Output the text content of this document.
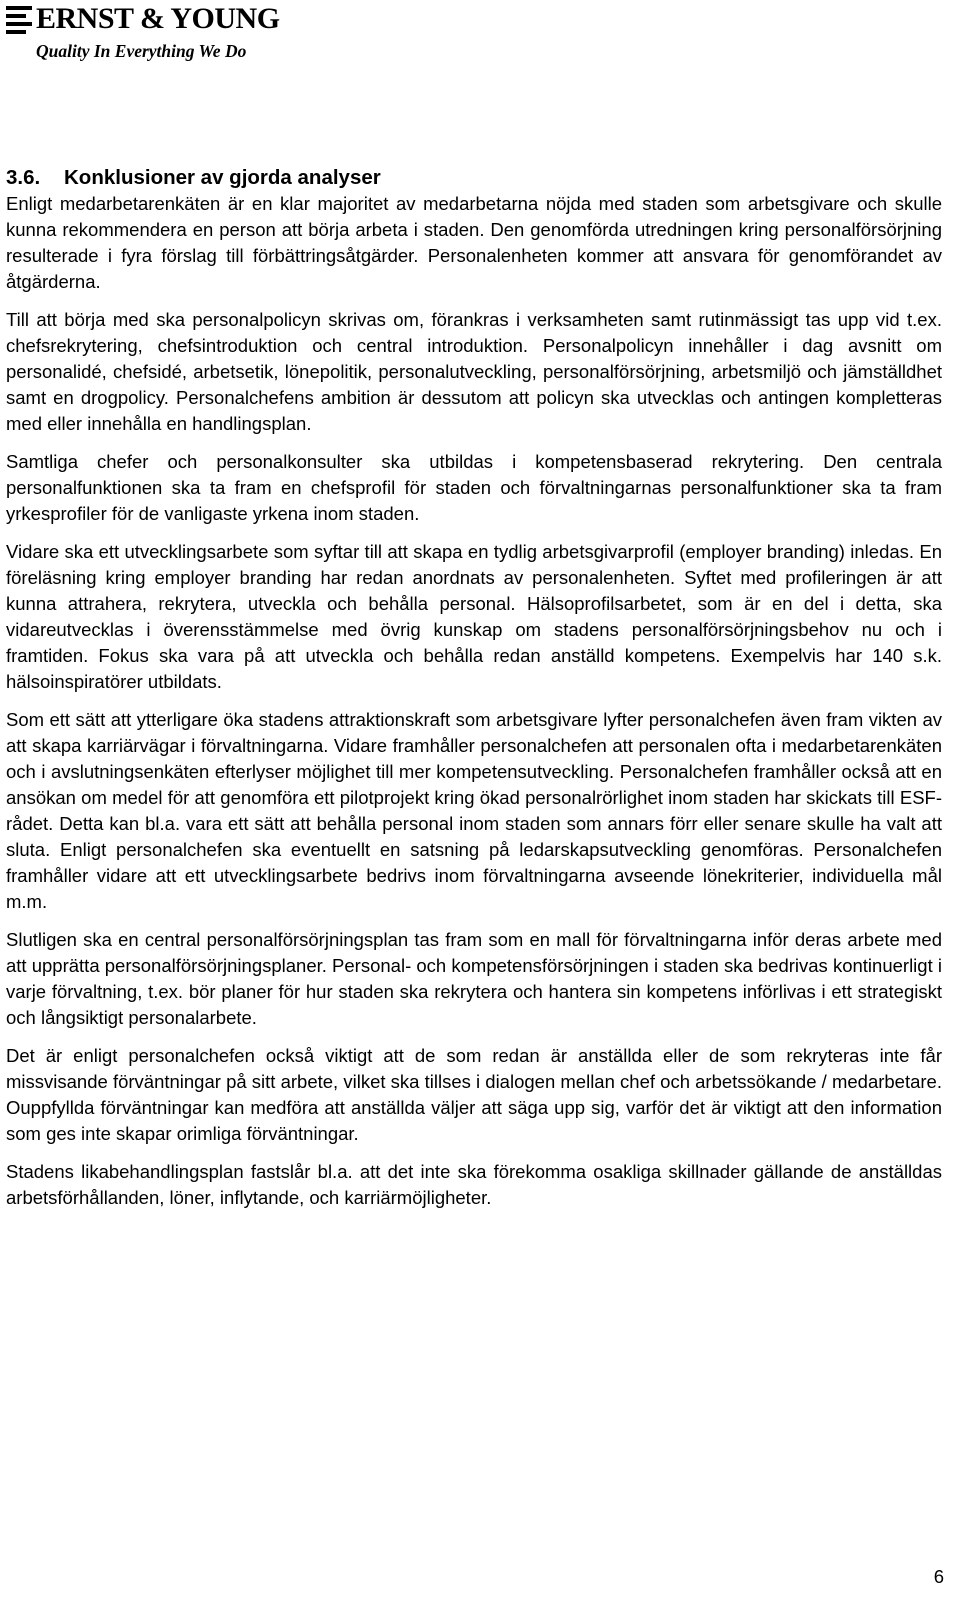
ERNST & YOUNG
Quality In Everything We Do
3.6. Konklusioner av gjorda analyser

Enligt medarbetarenkäten är en klar majoritet av medarbetarna nöjda med staden som arbetsgivare och skulle kunna rekommendera en person att börja arbeta i staden. Den genomförda utredningen kring personalförsörjning resulterade i fyra förslag till förbättringsåtgärder. Personalenheten kommer att ansvara för genomförandet av åtgärderna.

Till att börja med ska personalpolicyn skrivas om, förankras i verksamheten samt rutinmässigt tas upp vid t.ex. chefsrekrytering, chefsintroduktion och central introduktion. Personalpolicyn innehåller i dag avsnitt om personalidé, chefsidé, arbetsetik, lönepolitik, personalutveckling, personalförsörjning, arbetsmiljö och jämställdhet samt en drogpolicy. Personalchefens ambition är dessutom att policyn ska utvecklas och antingen kompletteras med eller innehålla en handlingsplan.

Samtliga chefer och personalkonsulter ska utbildas i kompetensbaserad rekrytering. Den centrala personalfunktionen ska ta fram en chefsprofil för staden och förvaltningarnas personalfunktioner ska ta fram yrkesprofiler för de vanligaste yrkena inom staden.

Vidare ska ett utvecklingsarbete som syftar till att skapa en tydlig arbetsgivarprofil (employer branding) inledas. En föreläsning kring employer branding har redan anordnats av personalenheten. Syftet med profileringen är att kunna attrahera, rekrytera, utveckla och behålla personal. Hälsoprofilsarbetet, som är en del i detta, ska vidareutvecklas i överensstämmelse med övrig kunskap om stadens personalförsörjningsbehov nu och i framtiden. Fokus ska vara på att utveckla och behålla redan anställd kompetens. Exempelvis har 140 s.k. hälsoinspiratörer utbildats.

Som ett sätt att ytterligare öka stadens attraktionskraft som arbetsgivare lyfter personalchefen även fram vikten av att skapa karriärvägar i förvaltningarna. Vidare framhåller personalchefen att personalen ofta i medarbetarenkäten och i avslutningsenkäten efterlyser möjlighet till mer kompetensutveckling. Personalchefen framhåller också att en ansökan om medel för att genomföra ett pilotprojekt kring ökad personalrörlighet inom staden har skickats till ESF-rådet. Detta kan bl.a. vara ett sätt att behålla personal inom staden som annars förr eller senare skulle ha valt att sluta. Enligt personalchefen ska eventuellt en satsning på ledarskapsutveckling genomföras. Personalchefen framhåller vidare att ett utvecklingsarbete bedrivs inom förvaltningarna avseende lönekriterier, individuella mål m.m.

Slutligen ska en central personalförsörjningsplan tas fram som en mall för förvaltningarna inför deras arbete med att upprätta personalförsörjningsplaner. Personal- och kompetensförsörjningen i staden ska bedrivas kontinuerligt i varje förvaltning, t.ex. bör planer för hur staden ska rekrytera och hantera sin kompetens införlivas i ett strategiskt och långsiktigt personalarbete.

Det är enligt personalchefen också viktigt att de som redan är anställda eller de som rekryteras inte får missvisande förväntningar på sitt arbete, vilket ska tillses i dialogen mellan chef och arbetssökande / medarbetare. Ouppfyllda förväntningar kan medföra att anställda väljer att säga upp sig, varför det är viktigt att den information som ges inte skapar orimliga förväntningar.

Stadens likabehandlingsplan fastslår bl.a. att det inte ska förekomma osakliga skillnader gällande de anställdas arbetsförhållanden, löner, inflytande, och karriärmöjligheter.

6
